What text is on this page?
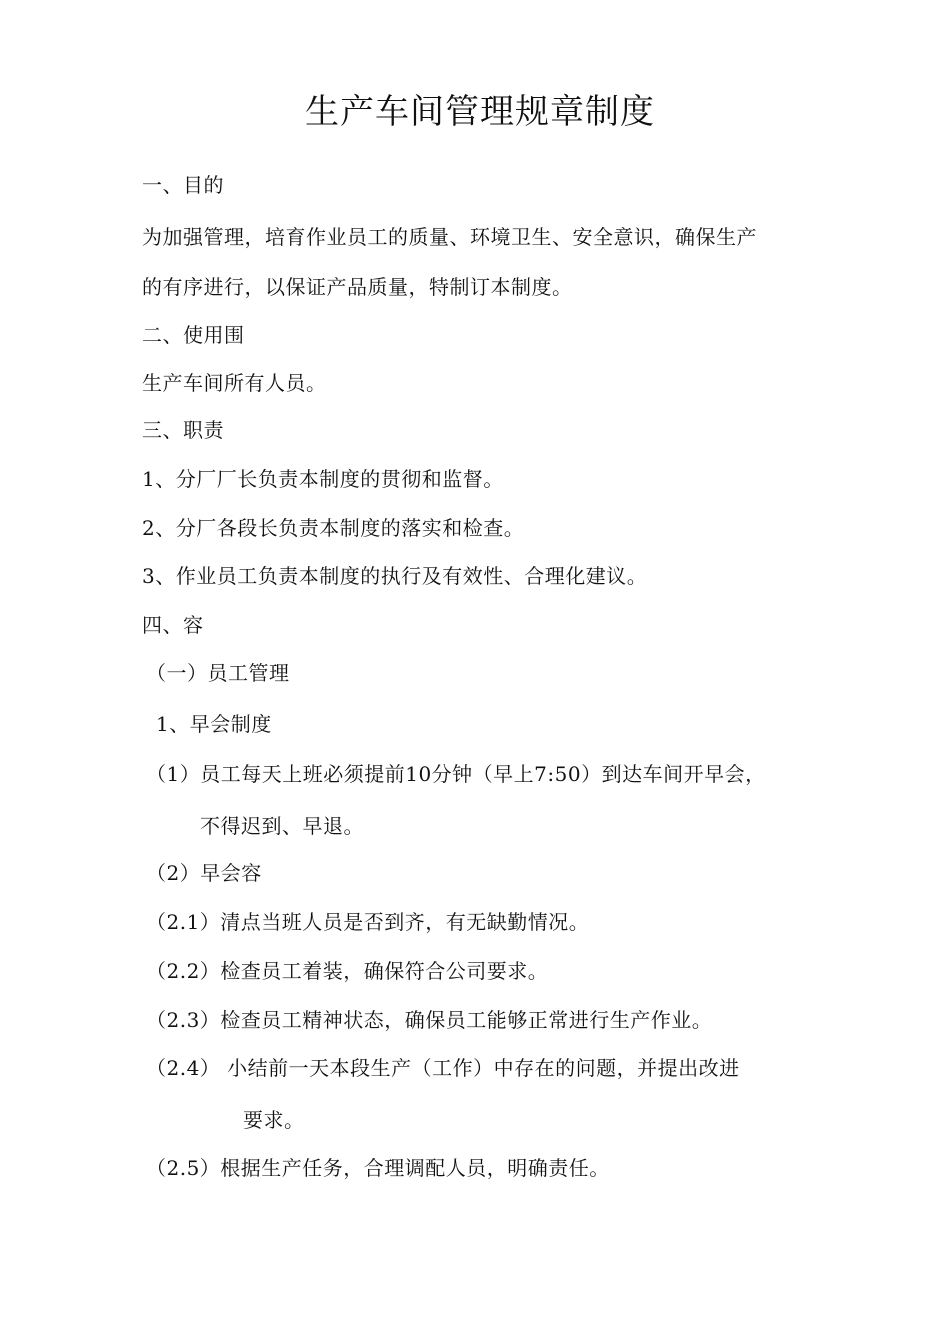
生产车间管理规章制度
一、目的
为加强管理，培育作业员工的质量、环境卫生、安全意识，确保生产
的有序进行，以保证产品质量，特制订本制度。
二、使用围
生产车间所有人员。
三、职责
1、分厂厂长负责本制度的贯彻和监督。
2、分厂各段长负责本制度的落实和检查。
3、作业员工负责本制度的执行及有效性、合理化建议。
四、容
（一）员工管理
1、早会制度
（1）员工每天上班必须提前10分钟（早上7:50）到达车间开早会，
不得迟到、早退。
（2）早会容
（2.1）清点当班人员是否到齐，有无缺勤情况。
（2.2）检查员工着装，确保符合公司要求。
（2.3）检查员工精神状态，确保员工能够正常进行生产作业。
（2.4） 小结前一天本段生产（工作）中存在的问题，并提出改进
要求。
（2.5）根据生产任务，合理调配人员，明确责任。
